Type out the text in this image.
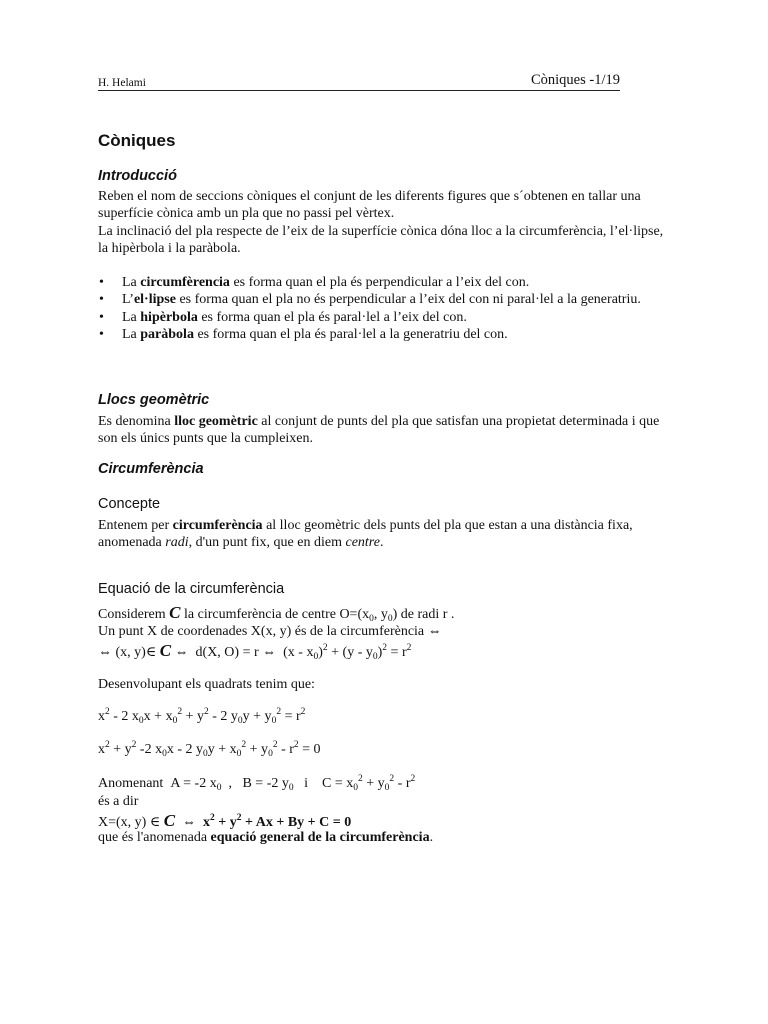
H. Helami	Còniques -1/19
Còniques
Introducció

Reben el nom de seccions còniques el conjunt de les diferents figures que s´obtenen en tallar una superfície cònica amb un pla que no passi pel vèrtex.

La inclinació del pla respecte de l’eix de la superfície cònica dóna lloc a la circumferència, l’el·lipse, la hipèrbola i la paràbola.

• La circumfèrencia es forma quan el pla és perpendicular a l’eix del con.
• L’el·lipse es forma quan el pla no és perpendicular a l’eix del con ni paral·lel a la generatriu.
• La hipèrbola es forma quan el pla és paral·lel a l’eix del con.
• La paràbola es forma quan el pla és paral·lel a la generatriu del con.
Llocs geomètric
Es denomina lloc geomètric al conjunt de punts del pla que satisfan una propietat determinada i que son els únics punts que la cumpleixen.
Circumferència
Concepte
Entenem per circumferència al lloc geomètric dels punts del pla que estan a una distància fixa, anomenada radi, d'un punt fix, que en diem centre.
Equació de la circumferència
Considerem C la circumferència de centre $O=(x_0$, $y_0$) de radi r .
Un punt X de coordenades X(x, y) és de la circumferència ⇔
⇔ (x, y)∈ C ⇔  d(X, O) = r ⇔  $(x - x_0)^2 + (y - y_0)^2 = r^2$
Desenvolupant els quadrats tenim que:
$x^2 - 2$ $x_0x + x_0^2 + y^2 - 2$ $y_0y + y_0^2 = r^2$
$x^2 + y^2$ -2 $x_0x - 2$ $y_0y + x_0^2 + y_0^2 - r^2 = 0$
Anomenant  A = -2 $x_0$  ,   B = -2 $y_0$   i    $C = x_0^2 + y_0^2 - r^2$
és a dir
X=(x, y) ∈ C  ⇔  $x^2 + y^2 + Ax + By + C = 0$
que és l'anomenada equació general de la circumferència.
